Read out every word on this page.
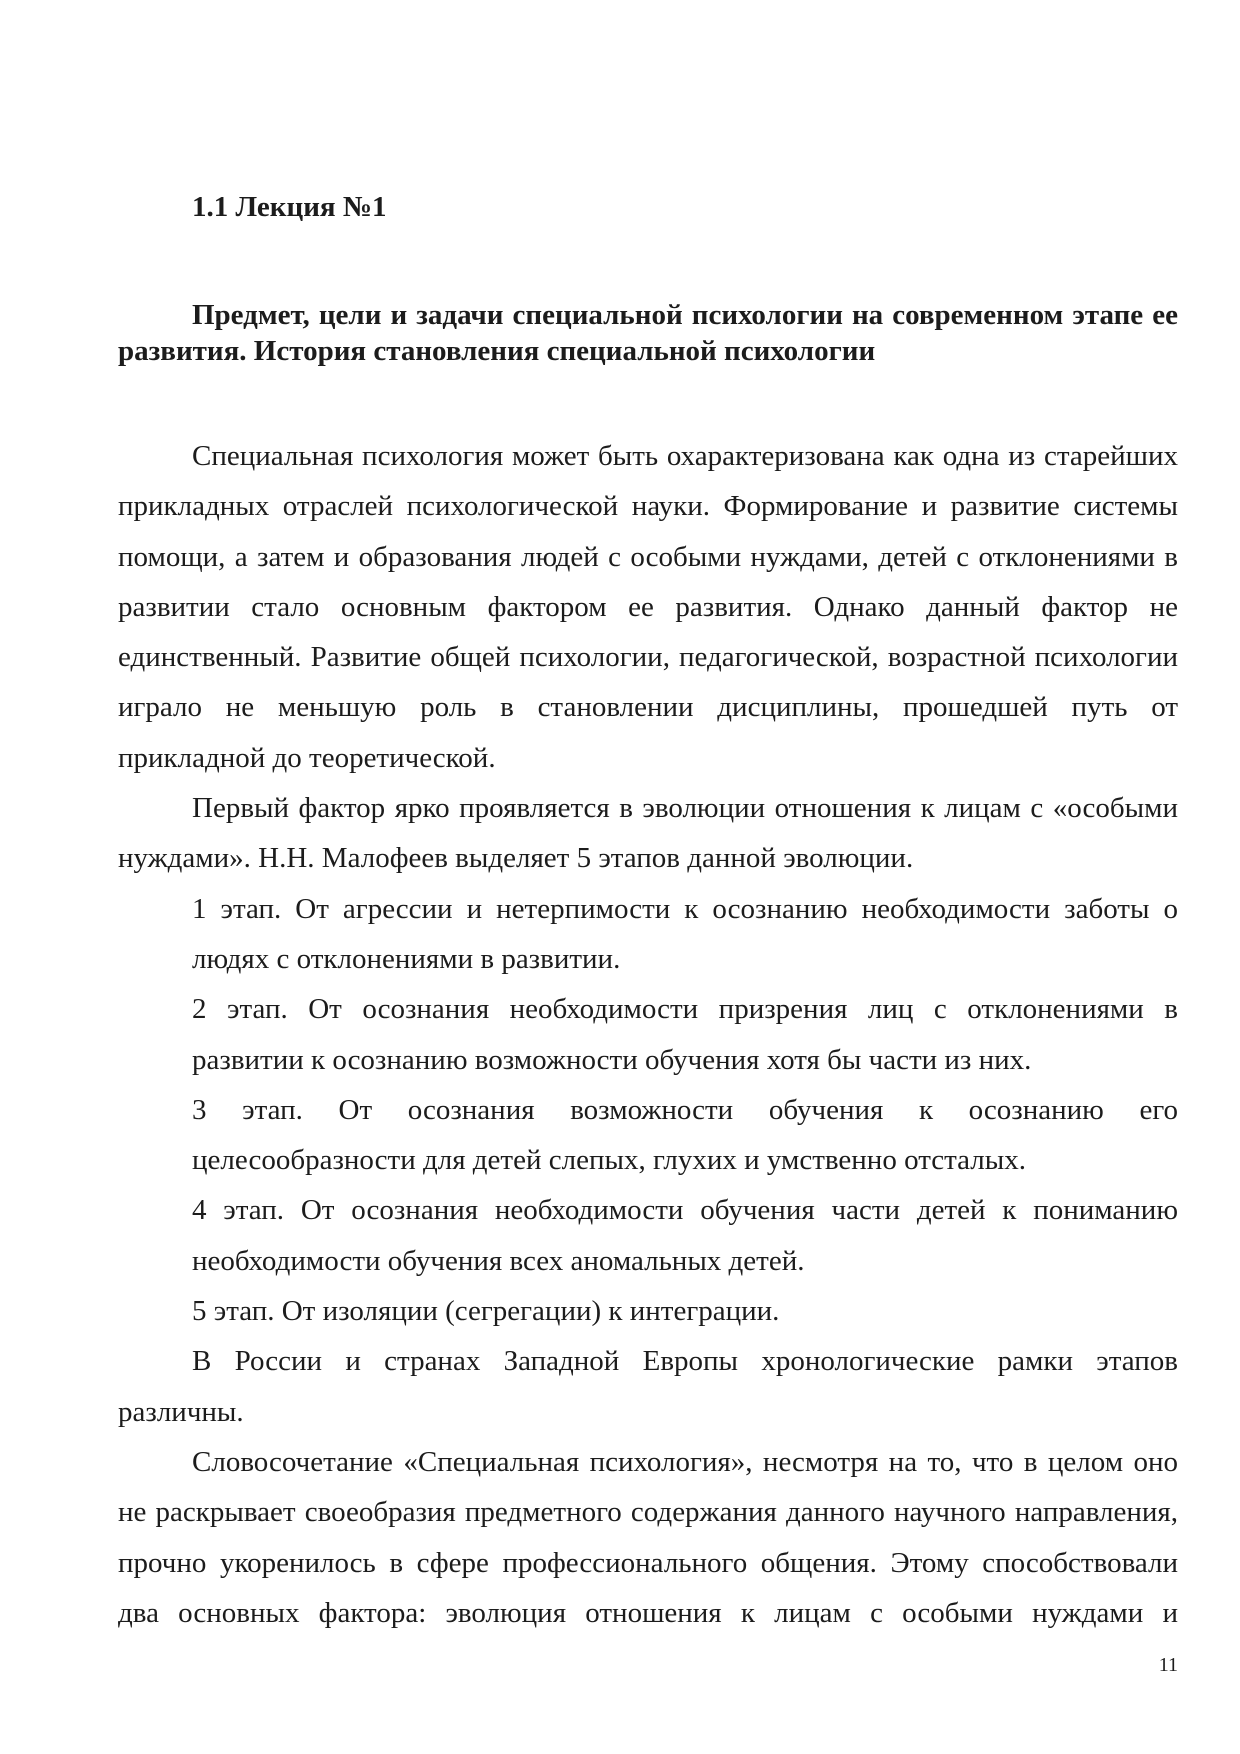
1.1 Лекция №1
Предмет, цели и задачи специальной психологии на современном этапе ее
развития. История становления специальной психологии
Специальная психология может быть охарактеризована как одна из старейших
прикладных отраслей психологической науки. Формирование и развитие системы
помощи, а затем и образования людей с особыми нуждами, детей с отклонениями в
развитии стало основным фактором ее развития. Однако данный фактор не
единственный. Развитие общей психологии, педагогической, возрастной психологии
играло не меньшую роль в становлении дисциплины, прошедшей путь от
прикладной до теоретической.
Первый фактор ярко проявляется в эволюции отношения к лицам с «особыми
нуждами». Н.Н. Малофеев выделяет 5 этапов данной эволюции.
1 этап. От агрессии и нетерпимости к осознанию необходимости заботы о
людях с отклонениями в развитии.
2 этап. От осознания необходимости призрения лиц с отклонениями в
развитии к осознанию возможности обучения хотя бы части из них.
3 этап. От осознания возможности обучения к осознанию его
целесообразности для детей слепых, глухих и умственно отсталых.
4 этап. От осознания необходимости обучения части детей к пониманию
необходимости обучения всех аномальных детей.
5 этап. От изоляции (сегрегации) к интеграции.
В России и странах Западной Европы хронологические рамки этапов
различны.
Словосочетание «Специальная психология», несмотря на то, что в целом оно
не раскрывает своеобразия предметного содержания данного научного направления,
прочно укоренилось в сфере профессионального общения. Этому способствовали
два основных фактора: эволюция отношения к лицам с особыми нуждами и
11
